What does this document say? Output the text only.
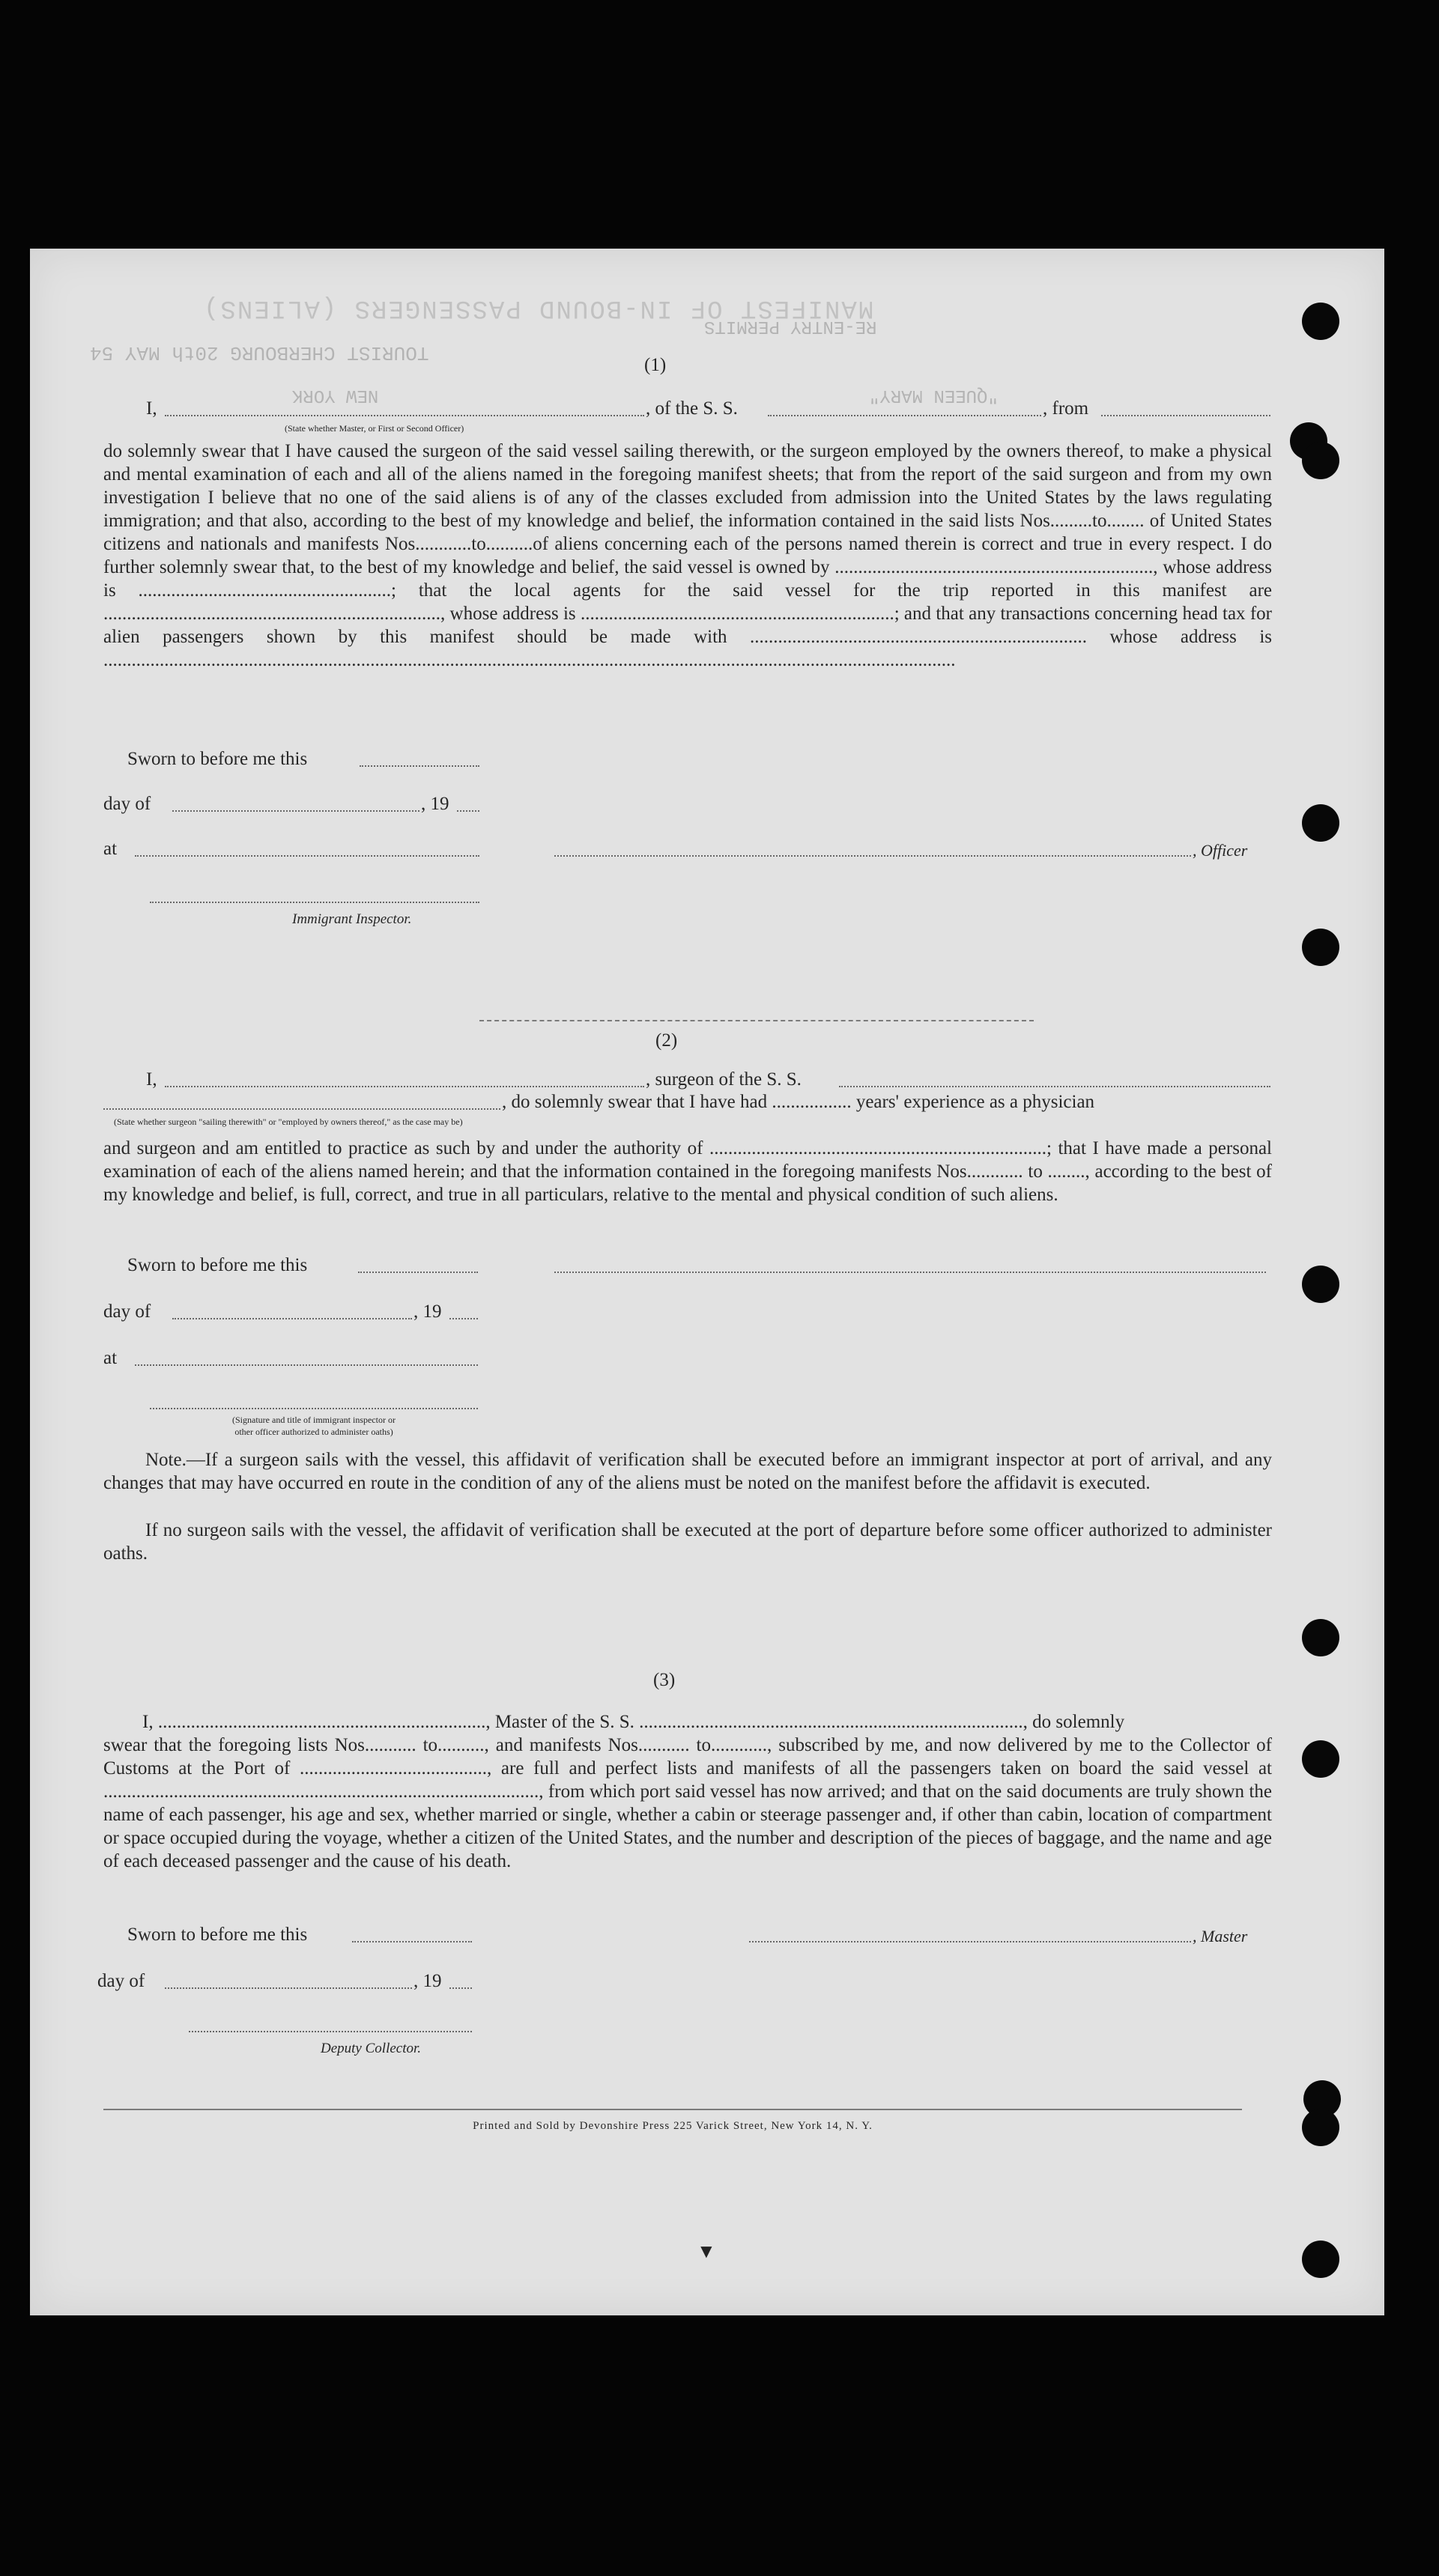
MANIFEST OF IN-BOUND PASSENGERS (ALIENS)
RE-ENTRY PERMITS
TOURIST CHERBOURG 20th MAY 54
"QUEEN MARY"
NEW YORK
(1)
I,	, of the S. S.	, from
(State whether Master, or First or Second Officer)
do solemnly swear that I have caused the surgeon of the said vessel sailing therewith, or the surgeon employed by the owners thereof, to make a physical and mental examination of each and all of the aliens named in the foregoing manifest sheets; that from the report of the said surgeon and from my own investigation I believe that no one of the said aliens is of any of the classes excluded from admission into the United States by the laws regulating immigration; and that also, according to the best of my knowledge and belief, the information contained in the said lists Nos.........to........ of United States citizens and nationals and manifests Nos............to..........of aliens concerning each of the persons named therein is correct and true in every respect. I do further solemnly swear that, to the best of my knowledge and belief, the said vessel is owned by ...................................................................., whose address is ......................................................; that the local agents for the said vessel for the trip reported in this manifest are ........................................................................, whose address is ...................................................................; and that any transactions concerning head tax for alien passengers shown by this manifest should be made with ........................................................................ whose address is ......................................................................................................................................................................................
Sworn to before me this
day of	, 19
at	, Officer
Immigrant Inspector.
(2)
I,	, surgeon of the S. S.
, do solemnly swear that I have had ................. years' experience as a physician
(State whether surgeon "sailing therewith" or "employed by owners thereof," as the case may be)
and surgeon and am entitled to practice as such by and under the authority of ........................................................................; that I have made a personal examination of each of the aliens named herein; and that the information contained in the foregoing manifests Nos............ to ........, according to the best of my knowledge and belief, is full, correct, and true in all particulars, relative to the mental and physical condition of such aliens.
Sworn to before me this
day of	, 19
at
(Signature and title of immigrant inspector or
other officer authorized to administer oaths)
Note.—If a surgeon sails with the vessel, this affidavit of verification shall be executed before an immigrant inspector at port of arrival, and any changes that may have occurred en route in the condition of any of the aliens must be noted on the manifest before the affidavit is executed.
If no surgeon sails with the vessel, the affidavit of verification shall be executed at the port of departure before some officer authorized to administer oaths.
(3)
I, ......................................................................, Master of the S. S. .................................................................................., do solemnly
swear that the foregoing lists Nos........... to.........., and manifests Nos........... to............, subscribed by me, and now delivered by me to the Collector of Customs at the Port of ........................................, are full and perfect lists and manifests of all the passengers taken on board the said vessel at ............................................................................................., from which port said vessel has now arrived; and that on the said documents are truly shown the name of each passenger, his age and sex, whether married or single, whether a cabin or steerage passenger and, if other than cabin, location of compartment or space occupied during the voyage, whether a citizen of the United States, and the number and description of the pieces of baggage, and the name and age of each deceased passenger and the cause of his death.
Sworn to before me this	, Master
day of	, 19
Deputy Collector.
Printed and Sold by Devonshire Press 225 Varick Street, New York 14, N. Y.
▼
